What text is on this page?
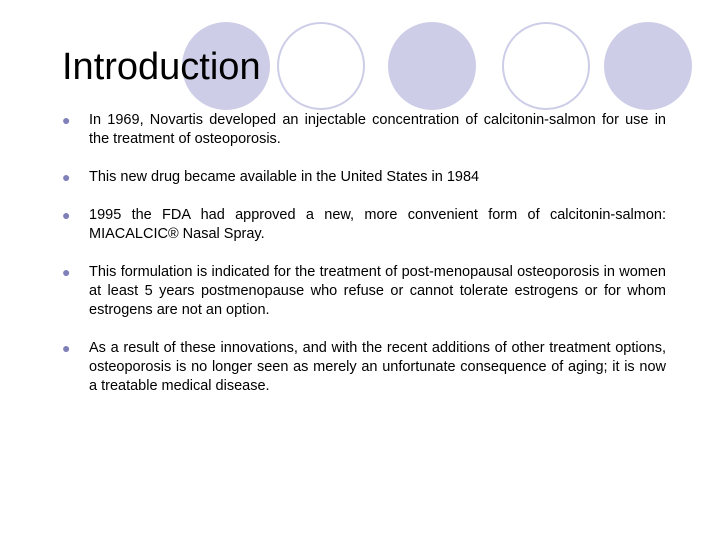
Introduction
● In 1969, Novartis developed an injectable concentration of calcitonin-salmon for use in the treatment of osteoporosis.
● This new drug became available in the United States in 1984
● 1995 the FDA had approved a new, more convenient form of calcitonin-salmon: MIACALCIC® Nasal Spray.
● This formulation is indicated for the treatment of post-menopausal osteoporosis in women at least 5 years postmenopause who refuse or cannot tolerate estrogens or for whom estrogens are not an option.
● As a result of these innovations, and with the recent additions of other treatment options, osteoporosis is no longer seen as merely an unfortunate consequence of aging; it is now a treatable medical disease.
